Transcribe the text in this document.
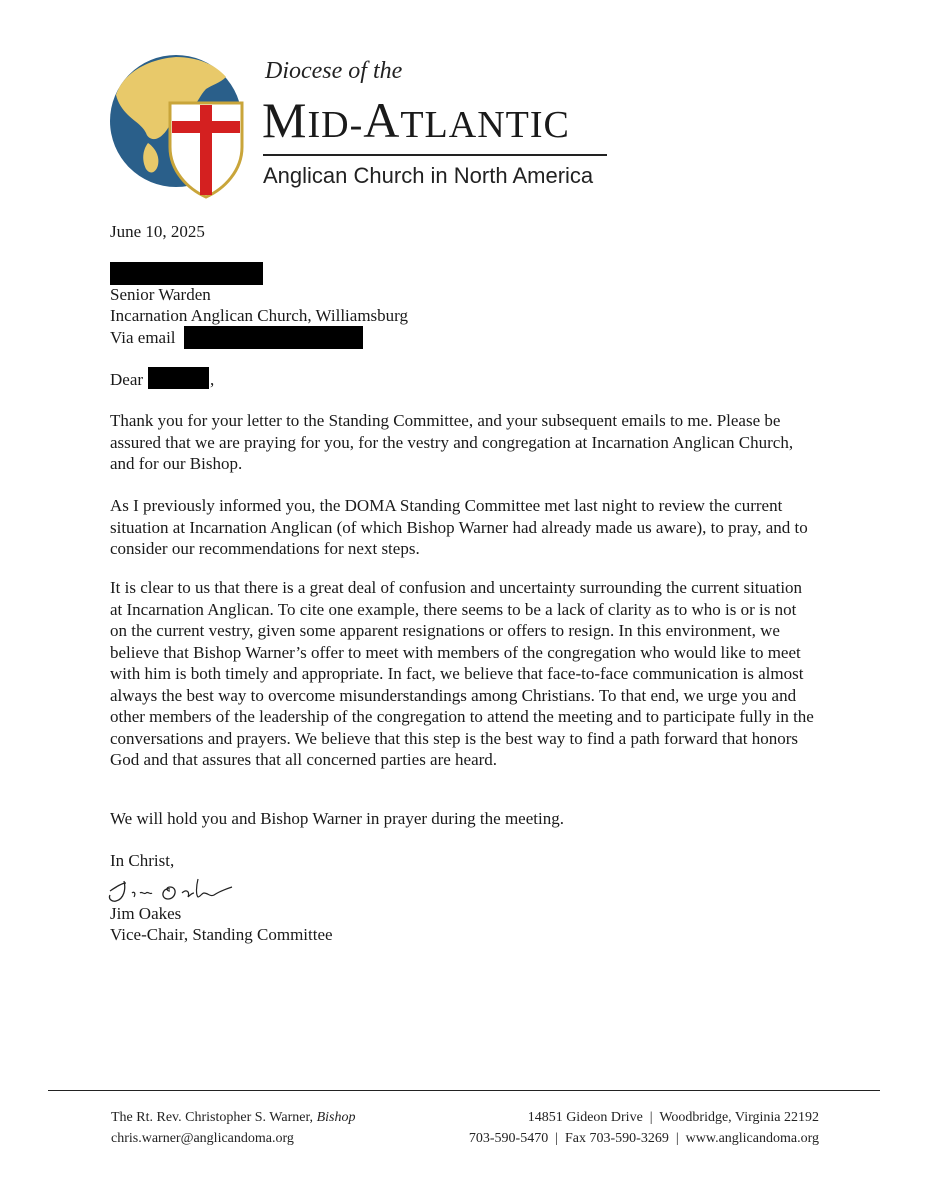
Diocese of the
MID-ATLANTIC
Anglican Church in North America
June 10, 2025
Senior Warden
Incarnation Anglican Church, Williamsburg
Via email
Dear	,
Thank you for your letter to the Standing Committee, and your subsequent emails to me. Please be assured that we are praying for you, for the vestry and congregation at Incarnation Anglican Church, and for our Bishop.
As I previously informed you, the DOMA Standing Committee met last night to review the current situation at Incarnation Anglican (of which Bishop Warner had already made us aware), to pray, and to consider our recommendations for next steps.
It is clear to us that there is a great deal of confusion and uncertainty surrounding the current situation at Incarnation Anglican. To cite one example, there seems to be a lack of clarity as to who is or is not on the current vestry, given some apparent resignations or offers to resign. In this environment, we believe that Bishop Warner’s offer to meet with members of the congregation who would like to meet with him is both timely and appropriate. In fact, we believe that face-to-face communication is almost always the best way to overcome misunderstandings among Christians. To that end, we urge you and other members of the leadership of the congregation to attend the meeting and to participate fully in the conversations and prayers. We believe that this step is the best way to find a path forward that honors God and that assures that all concerned parties are heard.
We will hold you and Bishop Warner in prayer during the meeting.
In Christ,
Jim Oakes
Vice-Chair, Standing Committee
The Rt. Rev. Christopher S. Warner, Bishop
chris.warner@anglicandoma.org
14851 Gideon Drive  |  Woodbridge, Virginia 22192
703-590-5470  |  Fax 703-590-3269  |  www.anglicandoma.org
